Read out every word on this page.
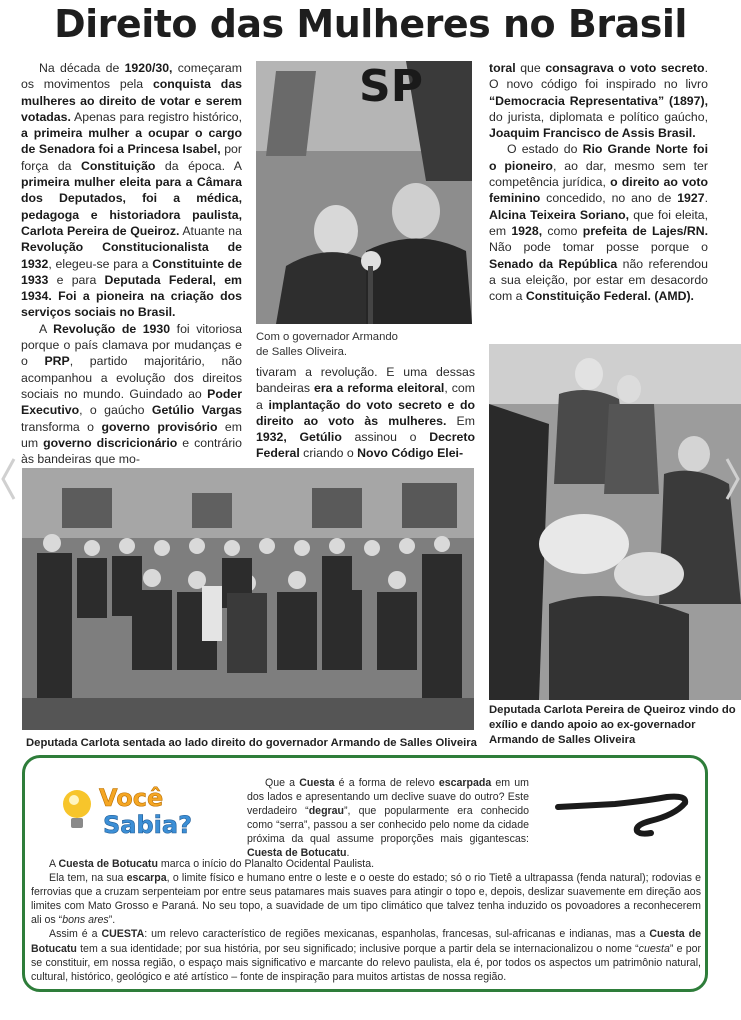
Direito das Mulheres no Brasil

Na década de 1920/30, começaram os movimentos pela conquista das mulheres ao direito de votar e serem votadas. Apenas para registro histórico, a primeira mulher a ocupar o cargo de Senadora foi a Princesa Isabel, por força da Constituição da época. A primeira mulher eleita para a Câmara dos Deputados, foi a médica, pedagoga e historiadora paulista, Carlota Pereira de Queiroz. Atuante na Revolução Constitucionalista de 1932, elegeu-se para a Constituinte de 1933 e para Deputada Federal, em 1934. Foi a pioneira na criação dos serviços sociais no Brasil.

A Revolução de 1930 foi vitoriosa porque o país clamava por mudanças e o PRP, partido majoritário, não acompanhou a evolução dos direitos sociais no mundo. Guindado ao Poder Executivo, o gaúcho Getúlio Vargas transforma o governo provisório em um governo discricionário e contrário às bandeiras que mo-

SP
Com o governador Armando de Salles Oliveira.

tivaram a revolução. E uma dessas bandeiras era a reforma eleitoral, com a implantação do voto secreto e do direito ao voto às mulheres. Em 1932, Getúlio assinou o Decreto Federal criando o Novo Código Elei-

toral que consagrava o voto secreto. O novo código foi inspirado no livro “Democracia Representativa” (1897), do jurista, diplomata e político gaúcho, Joaquim Francisco de Assis Brasil.

O estado do Rio Grande Norte foi o pioneiro, ao dar, mesmo sem ter competência jurídica, o direito ao voto feminino concedido, no ano de 1927. Alcina Teixeira Soriano, que foi eleita, em 1928, como prefeita de Lajes/RN. Não pode tomar posse porque o Senado da República não referendou a sua eleição, por estar em desacordo com a Constituição Federal. (AMD).

Deputada Carlota Pereira de Queiroz vindo do exílio e dando apoio ao ex-governador Armando de Salles Oliveira
Deputada Carlota sentada ao lado direito do governador Armando de Salles Oliveira
Você
Sabia?

Que a Cuesta é a forma de relevo escarpada em um dos lados e apresentando um declive suave do outro? Este verdadeiro “degrau”, que popularmente era conhecido como “serra”, passou a ser conhecido pelo nome da cidade próxima da qual assume proporções mais gigantescas: Cuesta de Botucatu.

A Cuesta de Botucatu marca o início do Planalto Ocidental Paulista.

Ela tem, na sua escarpa, o limite físico e humano entre o leste e o oeste do estado; só o rio Tietê a ultrapassa (fenda natural); rodovias e ferrovias que a cruzam serpenteiam por entre seus patamares mais suaves para atingir o topo e, depois, deslizar suavemente em direção aos limites com Mato Grosso e Paraná. No seu topo, a suavidade de um tipo climático que talvez tenha induzido os povoadores a reconhecerem ali os “bons ares”.

Assim é a CUESTA: um relevo característico de regiões mexicanas, espanholas, francesas, sul-africanas e indianas, mas a Cuesta de Botucatu tem a sua identidade; por sua história, por seu significado; inclusive porque a partir dela se internacionalizou o nome “cuesta” e por se constituir, em nossa região, o espaço mais significativo e marcante do relevo paulista, ela é, por todos os aspectos um patrimônio natural, cultural, histórico, geológico e até artístico – fonte de inspiração para muitos artistas de nossa região.
